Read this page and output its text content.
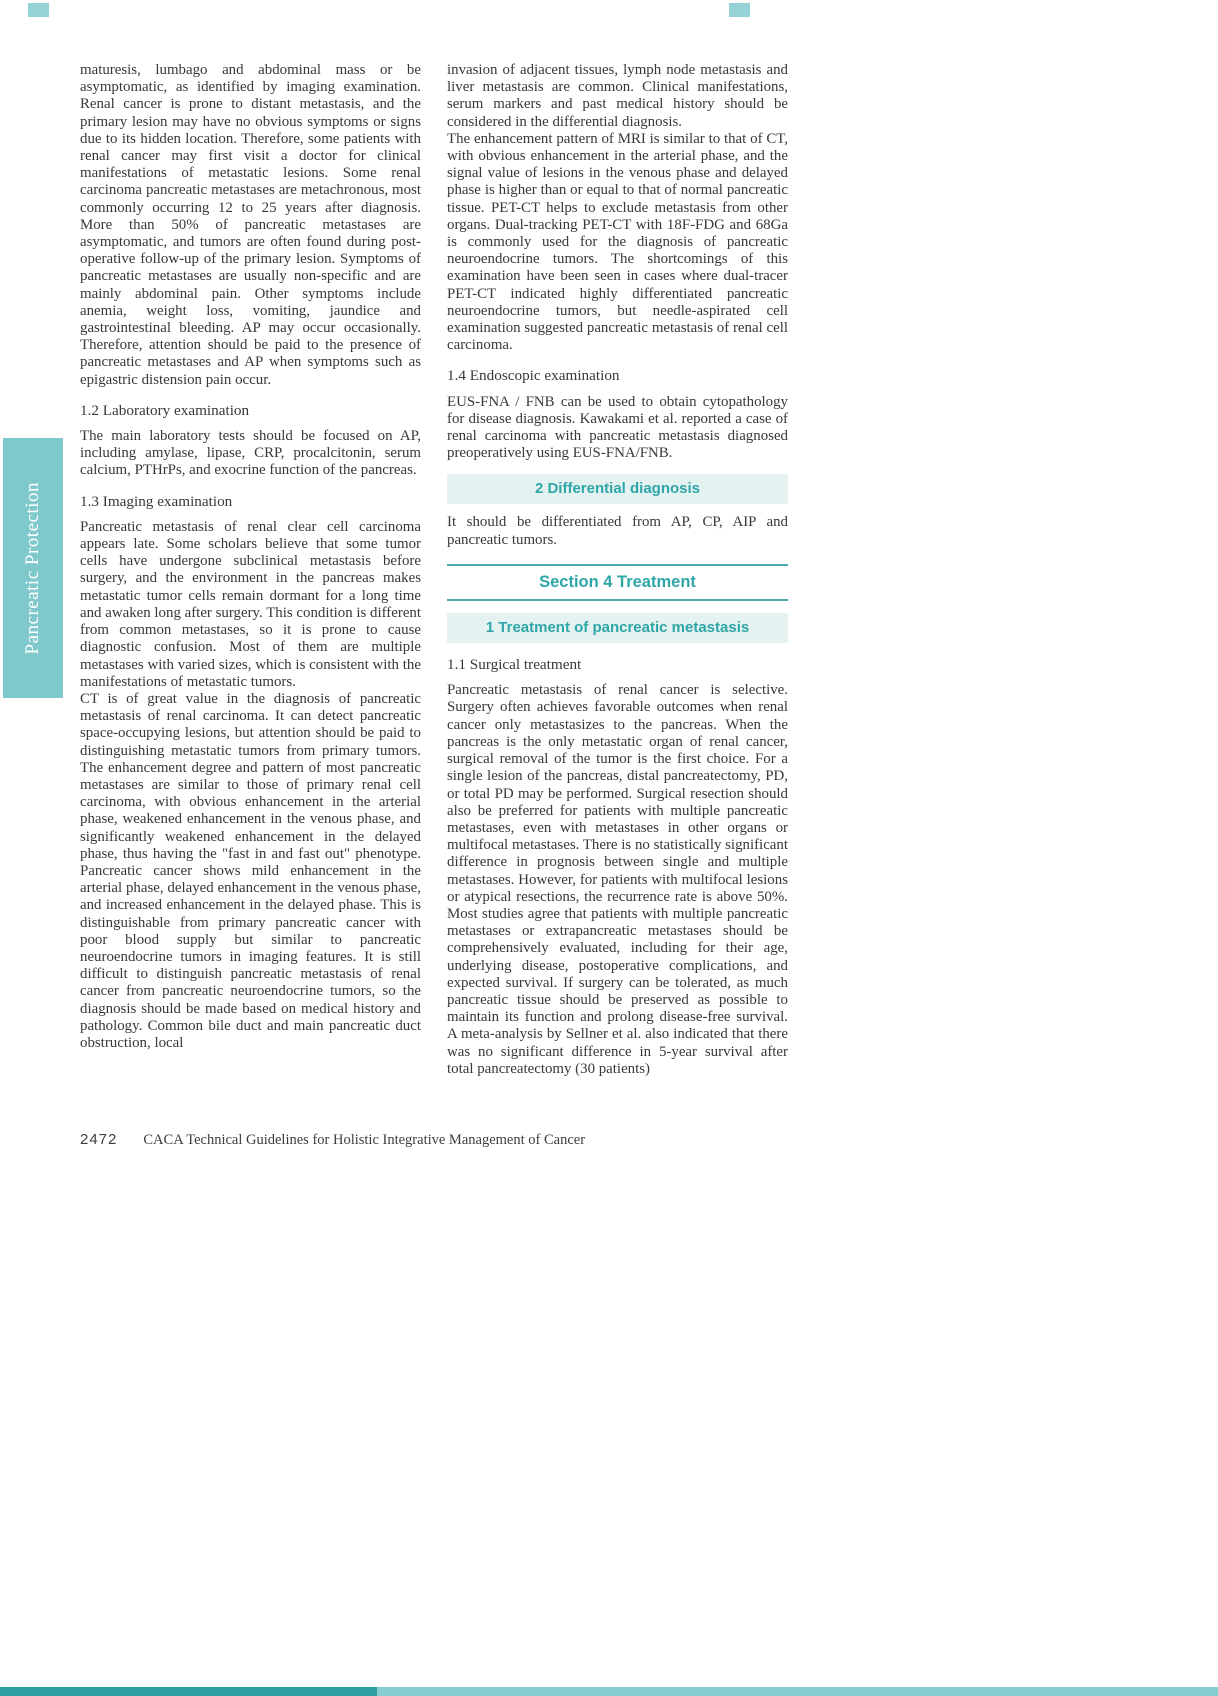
Pancreatic Protection

maturesis, lumbago and abdominal mass or be asymptomatic, as identified by imaging examination. Renal cancer is prone to distant metastasis, and the primary lesion may have no obvious symptoms or signs due to its hidden location. Therefore, some patients with renal cancer may first visit a doctor for clinical manifestations of metastatic lesions. Some renal carcinoma pancreatic metastases are metachronous, most commonly occurring 12 to 25 years after diagnosis. More than 50% of pancreatic metastases are asymptomatic, and tumors are often found during post-operative follow-up of the primary lesion. Symptoms of pancreatic metastases are usually non-specific and are mainly abdominal pain. Other symptoms include anemia, weight loss, vomiting, jaundice and gastrointestinal bleeding. AP may occur occasionally. Therefore, attention should be paid to the presence of pancreatic metastases and AP when symptoms such as epigastric distension pain occur.

1.2 Laboratory examination

The main laboratory tests should be focused on AP, including amylase, lipase, CRP, procalcitonin, serum calcium, PTHrPs, and exocrine function of the pancreas.

1.3 Imaging examination

Pancreatic metastasis of renal clear cell carcinoma appears late. Some scholars believe that some tumor cells have undergone subclinical metastasis before surgery, and the environment in the pancreas makes metastatic tumor cells remain dormant for a long time and awaken long after surgery. This condition is different from common metastases, so it is prone to cause diagnostic confusion. Most of them are multiple metastases with varied sizes, which is consistent with the manifestations of metastatic tumors.

CT is of great value in the diagnosis of pancreatic metastasis of renal carcinoma. It can detect pancreatic space-occupying lesions, but attention should be paid to distinguishing metastatic tumors from primary tumors. The enhancement degree and pattern of most pancreatic metastases are similar to those of primary renal cell carcinoma, with obvious enhancement in the arterial phase, weakened enhancement in the venous phase, and significantly weakened enhancement in the delayed phase, thus having the "fast in and fast out" phenotype. Pancreatic cancer shows mild enhancement in the arterial phase, delayed enhancement in the venous phase, and increased enhancement in the delayed phase. This is distinguishable from primary pancreatic cancer with poor blood supply but similar to pancreatic neuroendocrine tumors in imaging features. It is still difficult to distinguish pancreatic metastasis of renal cancer from pancreatic neuroendocrine tumors, so the diagnosis should be made based on medical history and pathology. Common bile duct and main pancreatic duct obstruction, local

invasion of adjacent tissues, lymph node metastasis and liver metastasis are common. Clinical manifestations, serum markers and past medical history should be considered in the differential diagnosis.

The enhancement pattern of MRI is similar to that of CT, with obvious enhancement in the arterial phase, and the signal value of lesions in the venous phase and delayed phase is higher than or equal to that of normal pancreatic tissue. PET-CT helps to exclude metastasis from other organs. Dual-tracking PET-CT with 18F-FDG and 68Ga is commonly used for the diagnosis of pancreatic neuroendocrine tumors. The shortcomings of this examination have been seen in cases where dual-tracer PET-CT indicated highly differentiated pancreatic neuroendocrine tumors, but needle-aspirated cell examination suggested pancreatic metastasis of renal cell carcinoma.

1.4 Endoscopic examination

EUS-FNA / FNB can be used to obtain cytopathology for disease diagnosis. Kawakami et al. reported a case of renal carcinoma with pancreatic metastasis diagnosed preoperatively using EUS-FNA/FNB.

2 Differential diagnosis

It should be differentiated from AP, CP, AIP and pancreatic tumors.

Section 4 Treatment
1 Treatment of pancreatic metastasis
1.1 Surgical treatment

Pancreatic metastasis of renal cancer is selective. Surgery often achieves favorable outcomes when renal cancer only metastasizes to the pancreas. When the pancreas is the only metastatic organ of renal cancer, surgical removal of the tumor is the first choice. For a single lesion of the pancreas, distal pancreatectomy, PD, or total PD may be performed. Surgical resection should also be preferred for patients with multiple pancreatic metastases, even with metastases in other organs or multifocal metastases. There is no statistically significant difference in prognosis between single and multiple metastases. However, for patients with multifocal lesions or atypical resections, the recurrence rate is above 50%. Most studies agree that patients with multiple pancreatic metastases or extrapancreatic metastases should be comprehensively evaluated, including for their age, underlying disease, postoperative complications, and expected survival. If surgery can be tolerated, as much pancreatic tissue should be preserved as possible to maintain its function and prolong disease-free survival. A meta-analysis by Sellner et al. also indicated that there was no significant difference in 5-year survival after total pancreatectomy (30 patients)

2472 CACA Technical Guidelines for Holistic Integrative Management of Cancer
